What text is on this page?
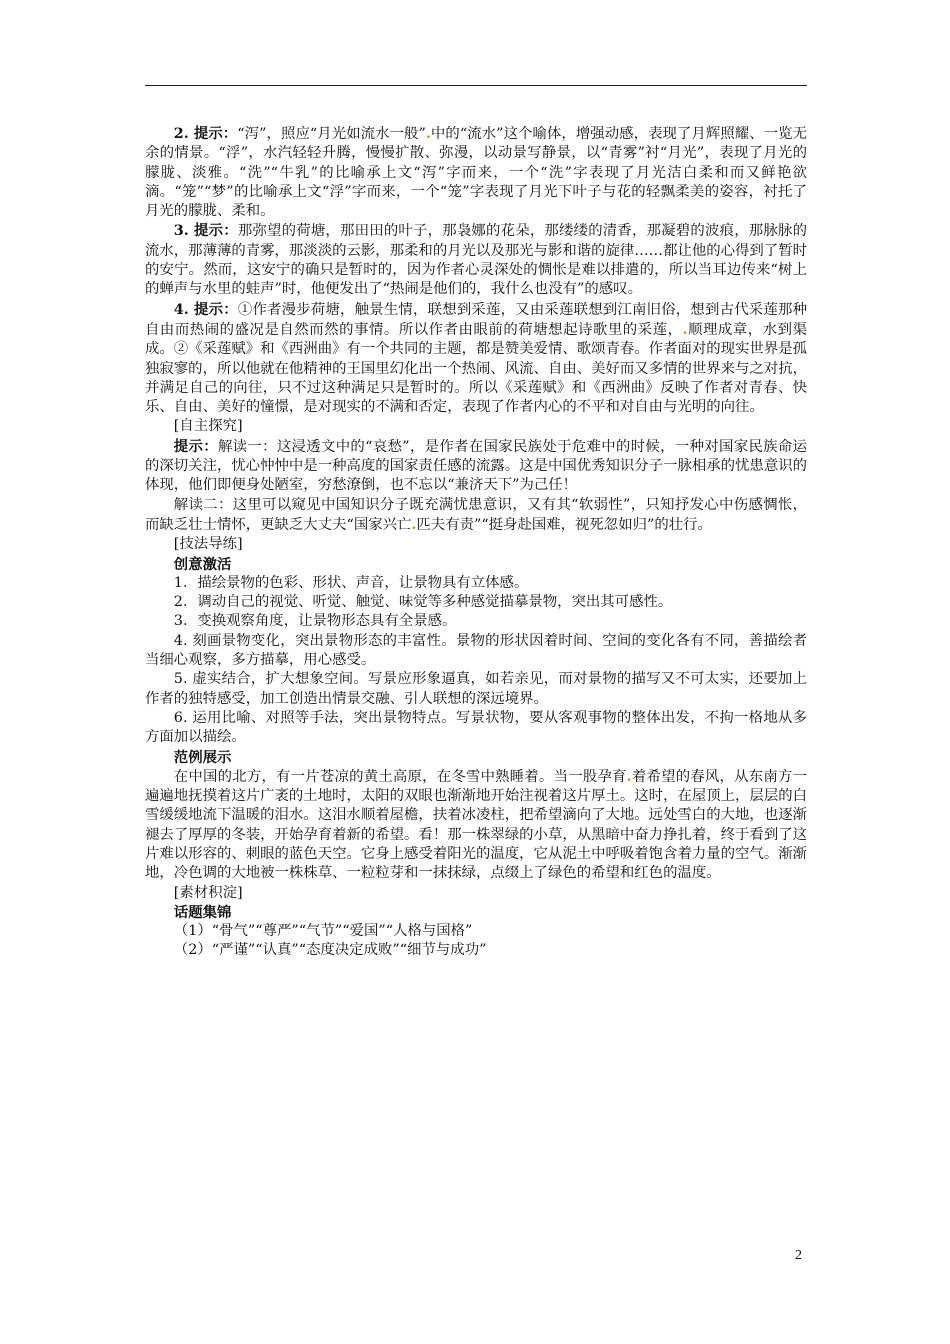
2. 提示：“泻”，照应“月光如流水一般”.中的“流水”这个喻体，增强动感，表现了月辉照耀、一览无余的情景。“浮”，水汽轻轻升腾，慢慢扩散、弥漫，以动景写静景，以“青雾”衬“月光”，表现了月光的朦胧、淡雅。“洗”“牛乳”的比喻承上文“泻”字而来，一个“洗”字表现了月光洁白柔和而又鲜艳欲滴。“笼”“梦”的比喻承上文“浮”字而来，一个“笼”字表现了月光下叶子与花的轻飘柔美的姿容，衬托了月光的朦胧、柔和。

3. 提示：那弥望的荷塘，那田田的叶子，那袅娜的花朵，那缕缕的清香，那凝碧的波痕，那脉脉的流水，那薄薄的青雾，那淡淡的云影，那柔和的月光以及那光与影和谐的旋律……都让他的心得到了暂时的安宁。然而，这安宁的确只是暂时的，因为作者心灵深处的惆怅是难以排遣的，所以当耳边传来“树上的蝉声与水里的蛙声”时，他便发出了“热闹是他们的，我什么也没有”的感叹。

4. 提示：①作者漫步荷塘，触景生情，联想到采莲，又由采莲联想到江南旧俗，想到古代采莲那种自由而热闹的盛况是自然而然的事情。所以作者由眼前的荷塘想起诗歌里的采莲，.顺理成章，水到渠成。②《采莲赋》和《西洲曲》有一个共同的主题，都是赞美爱情、歌颂青春。作者面对的现实世界是孤独寂寥的，所以他就在他精神的王国里幻化出一个热闹、风流、自由、美好而又多情的世界来与之对抗，并满足自己的向往，只不过这种满足只是暂时的。所以《采莲赋》和《西洲曲》反映了作者对青春、快乐、自由、美好的憧憬，是对现实的不满和否定，表现了作者内心的不平和对自由与光明的向往。

[自主探究]

提示：解读一：这浸透文中的“哀愁”，是作者在国家民族处于危难中的时候，一种对国家民族命运的深切关注，忧心忡忡中是一种高度的国家责任感的流露。这是中国优秀知识分子一脉相承的忧患意识的体现，他们即便身处陋室，穷愁潦倒，也不忘以“兼济天下”为己任！

解读二：这里可以窥见中国知识分子既充满忧患意识，又有其“软弱性”，只知抒发心中伤感惆怅，而缺乏壮士情怀，更缺乏大丈夫“国家兴亡.匹夫有责”“挺身赴国难，视死忽如归”的壮行。

[技法导练]

创意激活

1．描绘景物的色彩、形状、声音，让景物具有立体感。

2．调动自己的视觉、听觉、触觉、味觉等多种感觉描摹景物，突出其可感性。

3．变换观察角度，让景物形态具有全景感。

4. 刻画景物变化，突出景物形态的丰富性。景物的形状因着时间、空间的变化各有不同，善描绘者当细心观察，多方描摹，用心感受。

5. 虚实结合，扩大想象空间。写景应形象逼真，如若亲见，而对景物的描写又不可太实，还要加上作者的独特感受，加工创造出情景交融、引人联想的深远境界。

6. 运用比喻、对照等手法，突出景物特点。写景状物，要从客观事物的整体出发，不拘一格地从多方面加以描绘。

范例展示

在中国的北方，有一片苍凉的黄土高原，在冬雪中熟睡着。当一股孕育.着希望的春风，从东南方一遍遍地抚摸着这片广袤的土地时，太阳的双眼也渐渐地开始注视着这片厚土。这时，在屋顶上，层层的白雪缓缓地流下温暖的泪水。这泪水顺着屋檐，扶着冰凌柱，把希望滴向了大地。远处雪白的大地，也逐渐褪去了厚厚的冬装，开始孕育着新的希望。看！那一株翠绿的小草，从黑暗中奋力挣扎着，终于看到了这片难以形容的、刺眼的蓝色天空。它身上感受着阳光的温度，它从泥土中呼吸着饱含着力量的空气。渐渐地，冷色调的大地被一株株草、一粒粒芽和一抹抹绿，点缀上了绿色的希望和红色的温度。

[素材积淀]

话题集锦

（1）“骨气”“尊严”“气节”“爱国”“人格与国格”

（2）“严谨”“认真”“态度决定成败”“细节与成功”

2
